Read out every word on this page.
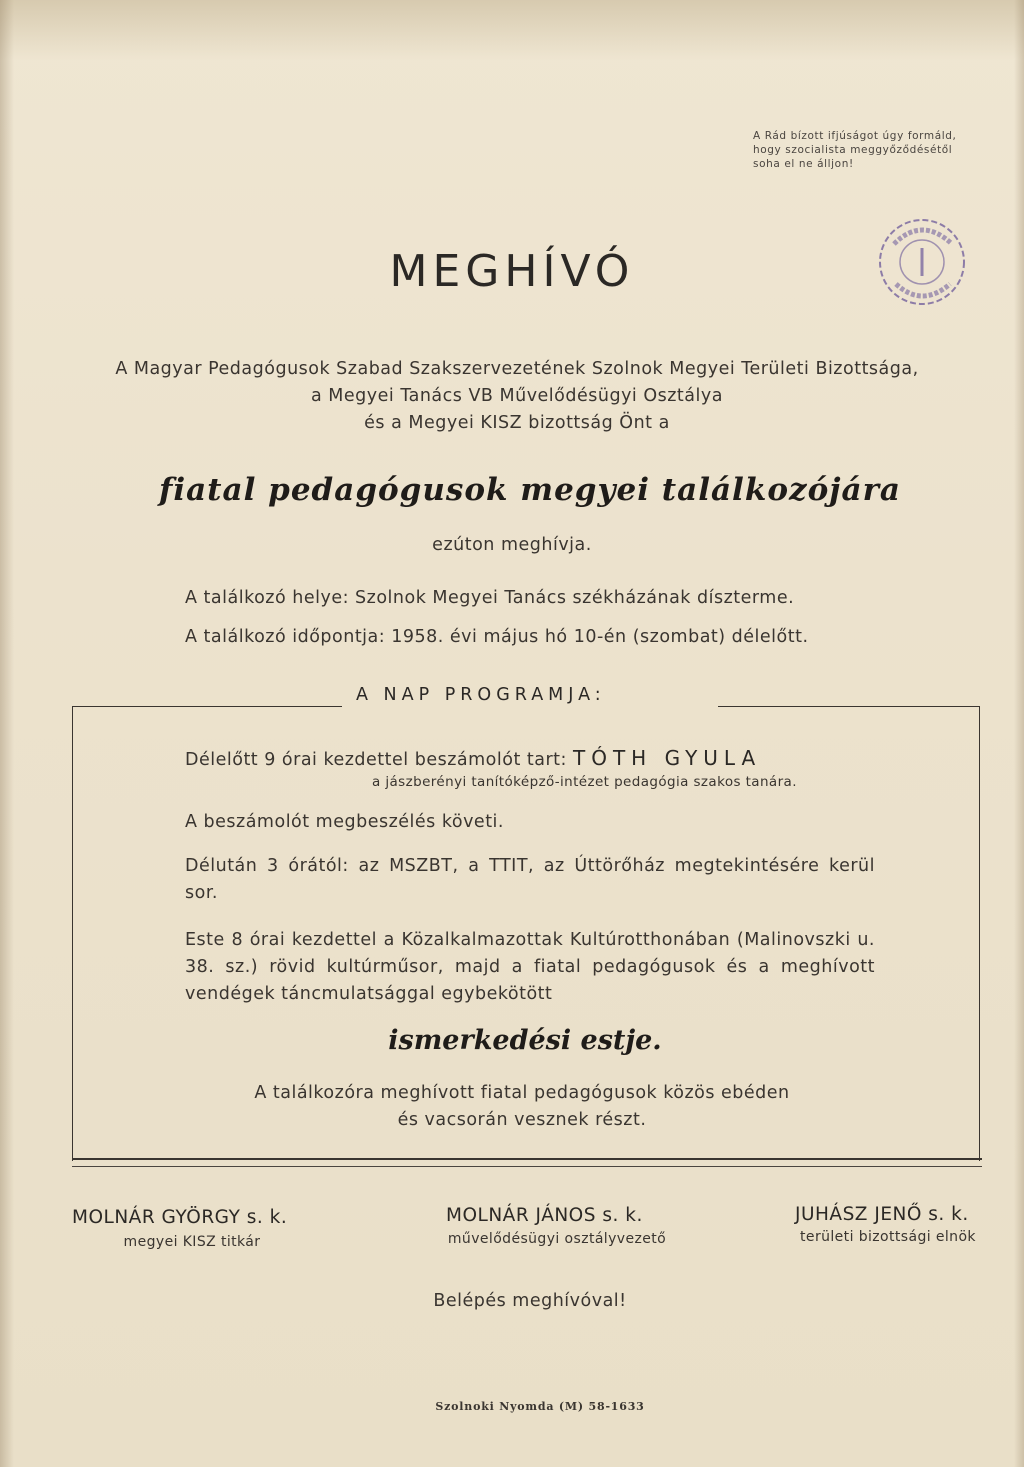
A Rád bízott ifjúságot úgy formáld,
hogy szocialista meggyőződésétől
soha el ne álljon!
MEGHÍVÓ
A Magyar Pedagógusok Szabad Szakszervezetének Szolnok Megyei Területi Bizottsága,
a Megyei Tanács VB Művelődésügyi Osztálya
és a Megyei KISZ bizottság Önt a
fiatal pedagógusok megyei találkozójára
ezúton meghívja.
A találkozó helye: Szolnok Megyei Tanács székházának díszterme.
A találkozó időpontja: 1958. évi május hó 10-én (szombat) délelőtt.
A NAP PROGRAMJA:
Délelőtt 9 órai kezdettel beszámolót tart: TÓTH GYULA
a jászberényi tanítóképző-intézet pedagógia szakos tanára.
A beszámolót megbeszélés követi.
Délután 3 órától: az MSZBT, a TTIT, az Úttörőház megtekintésére kerül sor.
Este 8 órai kezdettel a Közalkalmazottak Kultúrotthonában (Malinovszki u. 38. sz.) rövid kultúrműsor, majd a fiatal pedagógusok és a meghívott vendégek táncmulatsággal egybekötött
ismerkedési estje.
A találkozóra meghívott fiatal pedagógusok közös ebéden
és vacsorán vesznek részt.
MOLNÁR GYÖRGY s. k.
megyei KISZ titkár
MOLNÁR JÁNOS s. k.
művelődésügyi osztályvezető
JUHÁSZ JENŐ s. k.
területi bizottsági elnök
Belépés meghívóval!
Szolnoki Nyomda (M) 58-1633
